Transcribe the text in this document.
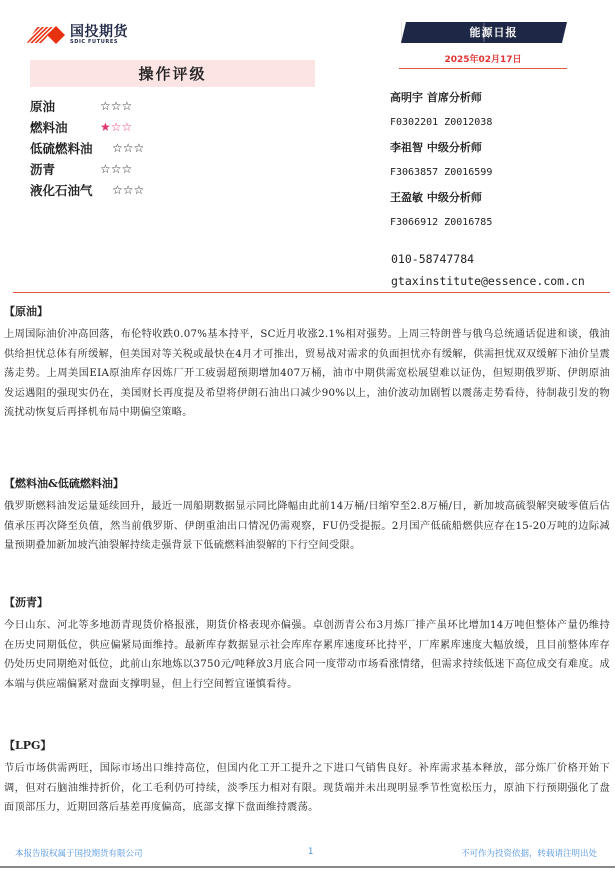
国投期货
SDIC FUTURES
操作评级
原油	☆☆☆
燃料油	★ ☆☆
低硫燃料油	☆☆☆
沥青	☆☆☆
液化石油气	☆☆☆
能源日报
2025年02月17日
高明宇 首席分析师
F0302201 Z0012038
李祖智 中级分析师
F3063857 Z0016599
王盈敏 中级分析师
F3066912 Z0016785
010-58747784
gtaxinstitute@essence.com.cn
【原油】
上周国际油价冲高回落，布伦特收跌0.07%基本持平，SC近月收涨2.1%相对强势。上周三特朗普与俄乌总统通话促进和谈，俄油供给担忧总体有所缓解，但美国对等关税或最快在4月才可推出，贸易战对需求的负面担忧亦有缓解，供需担忧双双缓解下油价呈震荡走势。上周美国EIA原油库存因炼厂开工疲弱超预期增加407万桶，油市中期供需宽松展望难以证伪，但短期俄罗斯、伊朗原油发运遇阻的强现实仍在，美国财长再度提及希望将伊朗石油出口减少90%以上，油价波动加剧暂以震荡走势看待，待制裁引发的物流扰动恢复后再择机布局中期偏空策略。
【燃料油&低硫燃料油】
俄罗斯燃料油发运量延续回升，最近一周船期数据显示同比降幅由此前14万桶/日缩窄至2.8万桶/日，新加坡高硫裂解突破零值后估值承压再次降至负值，然当前俄罗斯、伊朗重油出口情况仍需观察，FU仍受提振。2月国产低硫船燃供应存在15-20万吨的边际减量预期叠加新加坡汽油裂解持续走强背景下低硫燃料油裂解的下行空间受限。
【沥青】
今日山东、河北等多地沥青现货价格报涨，期货价格表现亦偏强。卓创沥青公布3月炼厂排产虽环比增加14万吨但整体产量仍维持在历史同期低位，供应偏紧局面维持。最新库存数据显示社会库库存累库速度环比持平，厂库累库速度大幅放缓，且目前整体库存仍处历史同期绝对低位，此前山东地炼以3750元/吨释放3月底合同一度带动市场看涨情绪，但需求持续低迷下高位成交有难度。成本端与供应端偏紧对盘面支撑明显，但上行空间暂宜谨慎看待。
【LPG】
节后市场供需两旺，国际市场出口维持高位，但国内化工开工提升之下进口气销售良好。补库需求基本释放，部分炼厂价格开始下调，但对石脑油维持折价，化工毛利仍可持续，淡季压力相对有限。现货端并未出现明显季节性宽松压力，原油下行预期强化了盘面顶部压力，近期回落后基差再度偏高，底部支撑下盘面维持震荡。
本报告版权属于国投期货有限公司	1	不可作为投资依据，转载请注明出处
